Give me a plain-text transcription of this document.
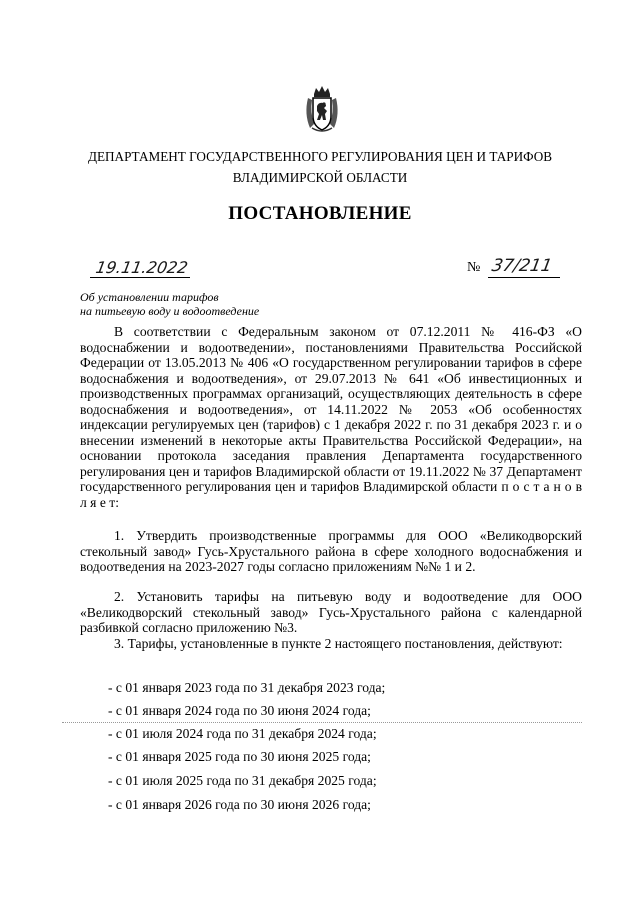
ДЕПАРТАМЕНТ ГОСУДАРСТВЕННОГО РЕГУЛИРОВАНИЯ ЦЕН И ТАРИФОВ
ВЛАДИМИРСКОЙ ОБЛАСТИ
ПОСТАНОВЛЕНИЕ
19.11.2022	№ 37/211
Об установлении тарифов
на питьевую воду и водоотведение
В соответствии с Федеральным законом от 07.12.2011 № 416-ФЗ «О водоснабжении и водоотведении», постановлениями Правительства Российской Федерации от 13.05.2013 № 406 «О государственном регулировании тарифов в сфере водоснабжения и водоотведения», от 29.07.2013 № 641 «Об инвестиционных и производственных программах организаций, осуществляющих деятельность в сфере водоснабжения и водоотведения», от 14.11.2022 № 2053 «Об особенностях индексации регулируемых цен (тарифов) с 1 декабря 2022 г. по 31 декабря 2023 г. и о внесении изменений в некоторые акты Правительства Российской Федерации», на основании протокола заседания правления Департамента государственного регулирования цен и тарифов Владимирской области от 19.11.2022 № 37 Департамент государственного регулирования цен и тарифов Владимирской области п о с т а н о в л я е т:
1. Утвердить производственные программы для ООО «Великодворский стекольный завод» Гусь-Хрустального района в сфере холодного водоснабжения и водоотведения на 2023-2027 годы согласно приложениям №№ 1 и 2.
2. Установить тарифы на питьевую воду и водоотведение для ООО «Великодворский стекольный завод» Гусь-Хрустального района с календарной разбивкой согласно приложению №3.
3. Тарифы, установленные в пункте 2 настоящего постановления, действуют:
- с 01 января 2023 года по 31 декабря 2023 года;
- с 01 января 2024 года по 30 июня 2024 года;
- с 01 июля 2024 года по 31 декабря 2024 года;
- с 01 января 2025 года по 30 июня 2025 года;
- с 01 июля 2025 года по 31 декабря 2025 года;
- с 01 января 2026 года по 30 июня 2026 года;
